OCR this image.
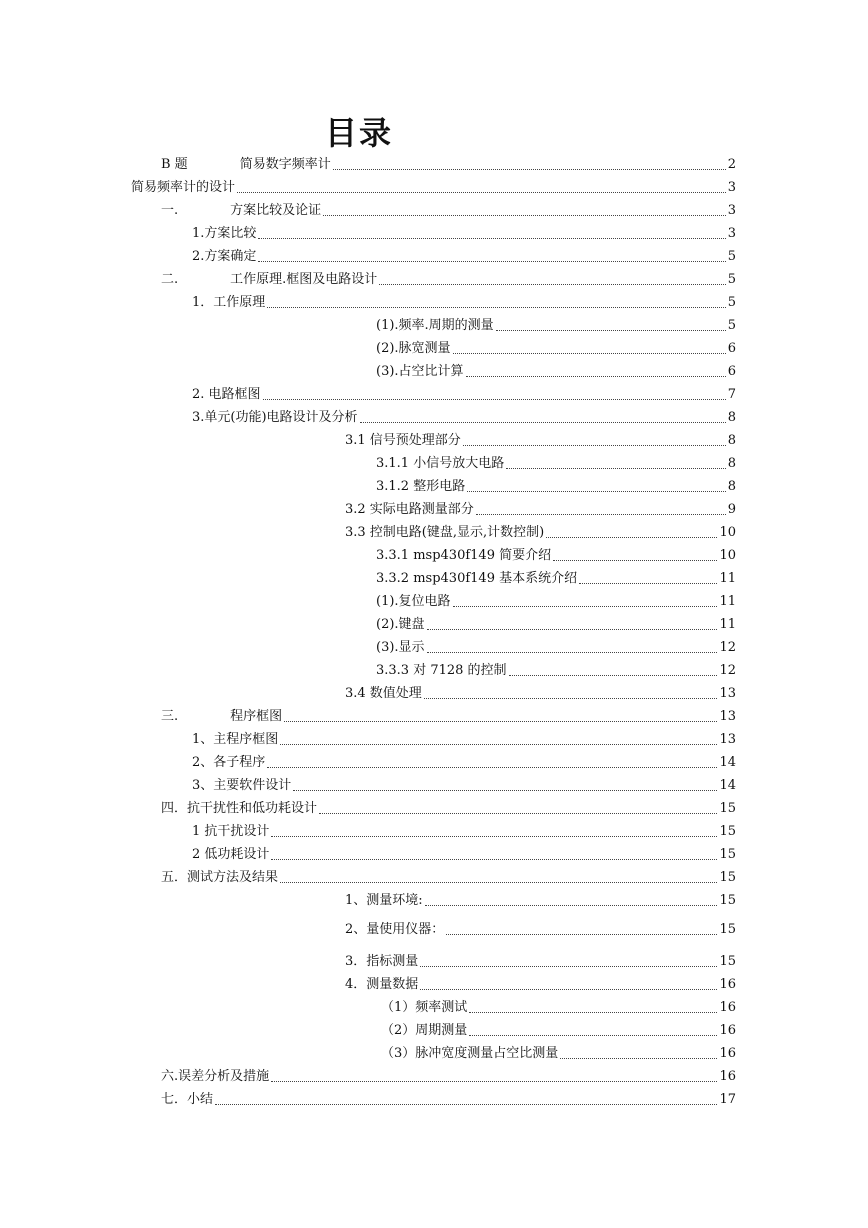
目录
B 题	简易数字频率计	2
简易频率计的设计	3
一.	方案比较及论证	3
1.方案比较	3
2.方案确定	5
二.	工作原理.框图及电路设计	5
1．工作原理	5
(1).频率.周期的测量	5
(2).脉宽测量	6
(3).占空比计算	6
2. 电路框图	7
3.单元(功能)电路设计及分析	8
3.1 信号预处理部分	8
3.1.1 小信号放大电路	8
3.1.2 整形电路	8
3.2 实际电路测量部分	9
3.3 控制电路(键盘,显示,计数控制)	10
3.3.1 msp430f149 简要介绍	10
3.3.2 msp430f149 基本系统介绍	11
(1).复位电路	11
(2).键盘	11
(3).显示	12
3.3.3 对 7128 的控制	12
3.4 数值处理	13
三.	程序框图	13
1、主程序框图	13
2、各子程序	14
3、主要软件设计	14
四．抗干扰性和低功耗设计	15
1 抗干扰设计	15
2 低功耗设计	15
五．测试方法及结果	15
1、测量环境:	15
2、量使用仪器：	15
3．指标测量	15
4．测量数据	16
（1）频率测试	16
（2）周期测量	16
（3）脉冲宽度测量占空比测量	16
六.误差分析及措施	16
七．小结	17
